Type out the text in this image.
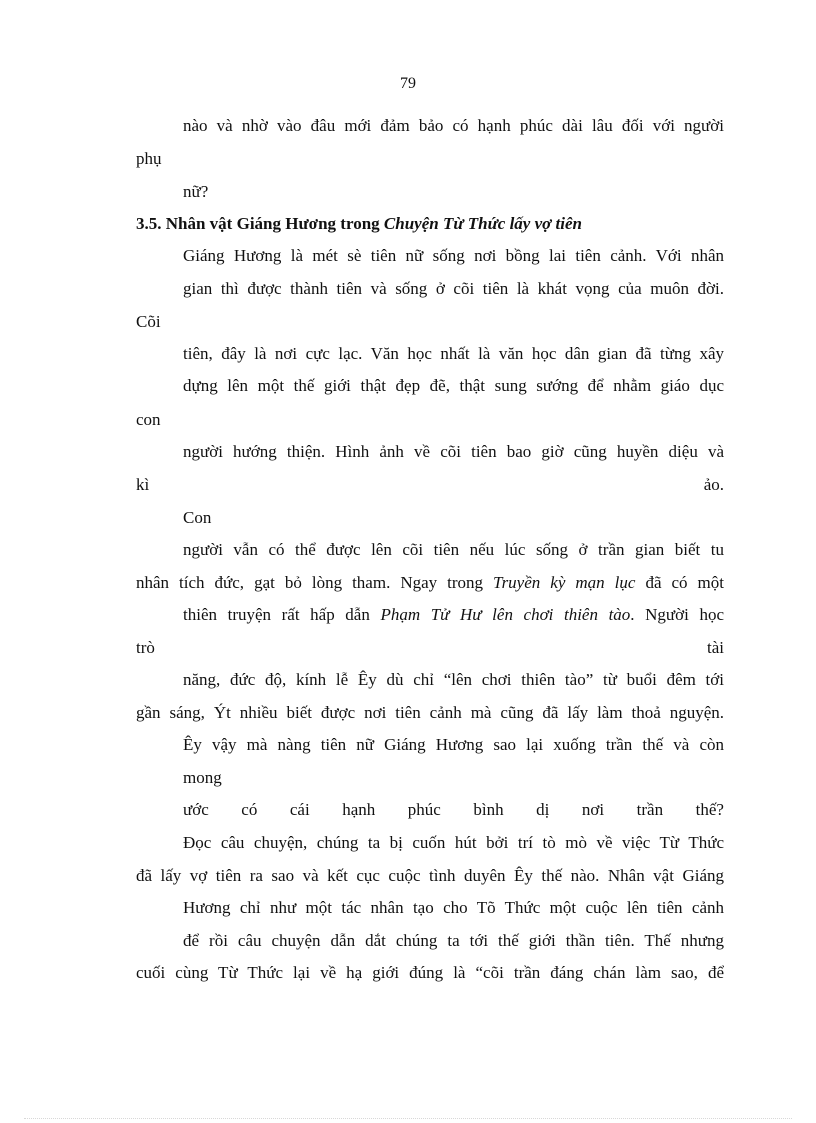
79
nào và nhờ vào đâu mới đảm bảo có hạnh phúc dài lâu đối với người
phụ
nữ?
3.5. Nhân vật Giáng Hương trong Chuyện Từ Thức lấy vợ tiên
Giáng Hương là mét sè tiên nữ sống nơi bồng lai tiên cảnh. Với nhân
gian thì được thành tiên và sống ở cõi tiên là khát vọng của muôn đời.
Cõi
tiên, đây là nơi cực lạc. Văn học nhất là văn học dân gian đã từng xây
dựng lên một thế giới thật đẹp đẽ, thật sung sướng để nhằm giáo dục
con
người hướng thiện. Hình ảnh về cõi tiên bao giờ cũng huyền diệu và
kì	ảo.
Con
người vẫn có thể được lên cõi tiên nếu lúc sống ở trần gian biết tu
nhân tích đức, gạt bỏ lòng tham. Ngay trong Truyền kỳ mạn lục đã có một
thiên truyện rất hấp dẫn Phạm Tử Hư lên chơi thiên tào. Người học
trò	tài
năng, đức độ, kính lễ Êy dù chỉ “lên chơi thiên tào” từ buổi đêm tới
gần sáng, Ýt nhiều biết được nơi tiên cảnh mà cũng đã lấy làm thoả nguyện.
Êy vậy mà nàng tiên nữ Giáng Hương sao lại xuống trần thế và còn
mong
ước có cái hạnh phúc bình dị nơi trần thế?
Đọc câu chuyện, chúng ta bị cuốn hút bởi trí tò mò về việc Từ Thức
đã lấy vợ tiên ra sao và kết cục cuộc tình duyên Êy thế nào. Nhân vật Giáng
Hương chỉ như một tác nhân tạo cho Tõ Thức một cuộc lên tiên cảnh
để rồi câu chuyện dẫn dắt chúng ta tới thế giới thần tiên. Thế nhưng
cuối cùng Từ Thức lại về hạ giới đúng là “cõi trần đáng chán làm sao, để
